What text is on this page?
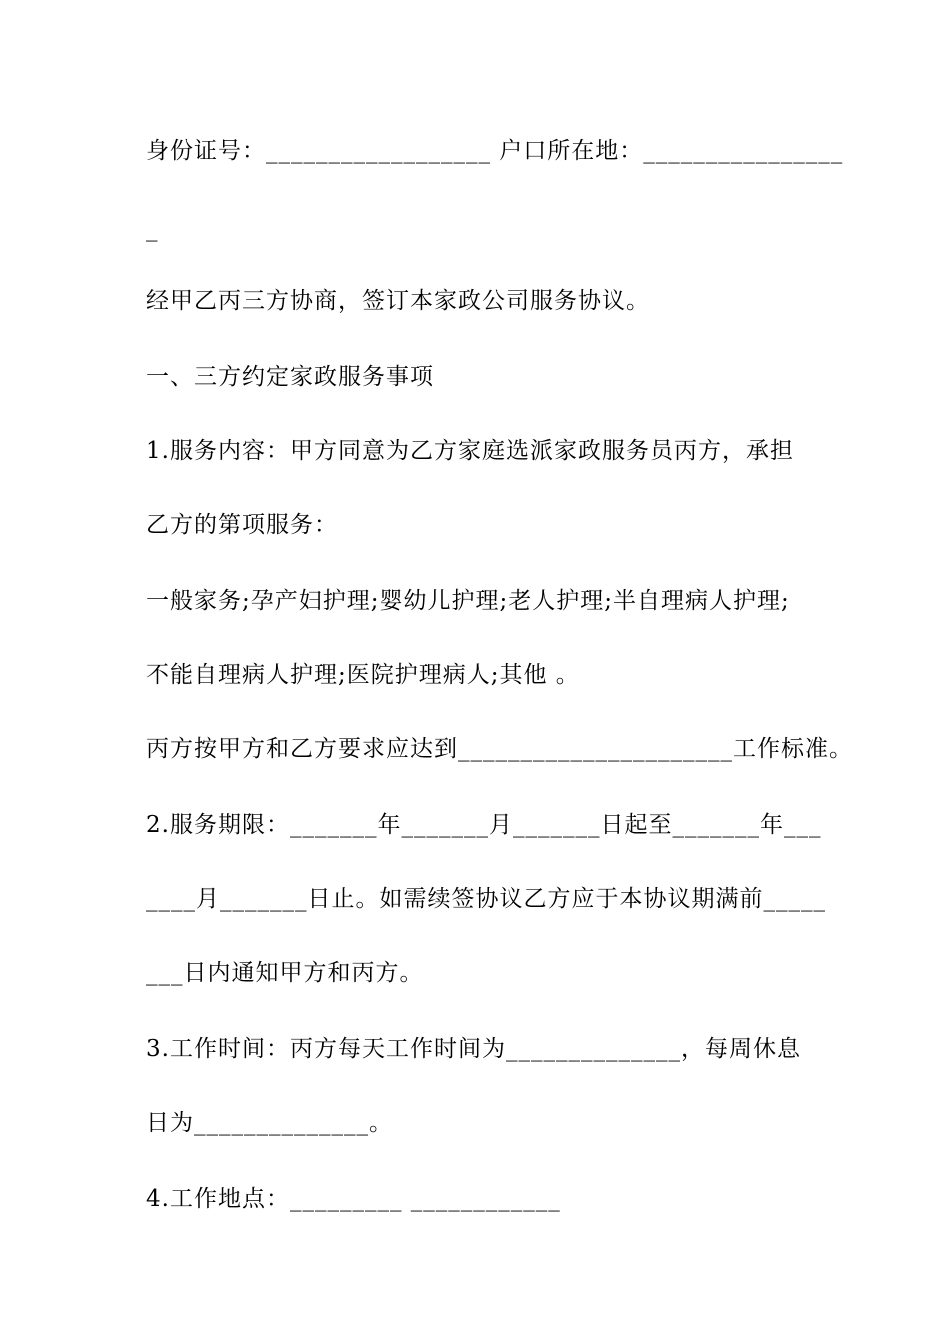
身份证号：__________________ 户口所在地：________________
_
经甲乙丙三方协商，签订本家政公司服务协议。
一、三方约定家政服务事项
1.服务内容：甲方同意为乙方家庭选派家政服务员丙方，承担
乙方的第项服务：
一般家务;孕产妇护理;婴幼儿护理;老人护理;半自理病人护理;
不能自理病人护理;医院护理病人;其他 。
丙方按甲方和乙方要求应达到______________________工作标准。
2.服务期限：_______年_______月_______日起至_______年___
____月_______日止。如需续签协议乙方应于本协议期满前_____
___日内通知甲方和丙方。
3.工作时间：丙方每天工作时间为______________，每周休息
日为______________。
4.工作地点：_________ ____________
